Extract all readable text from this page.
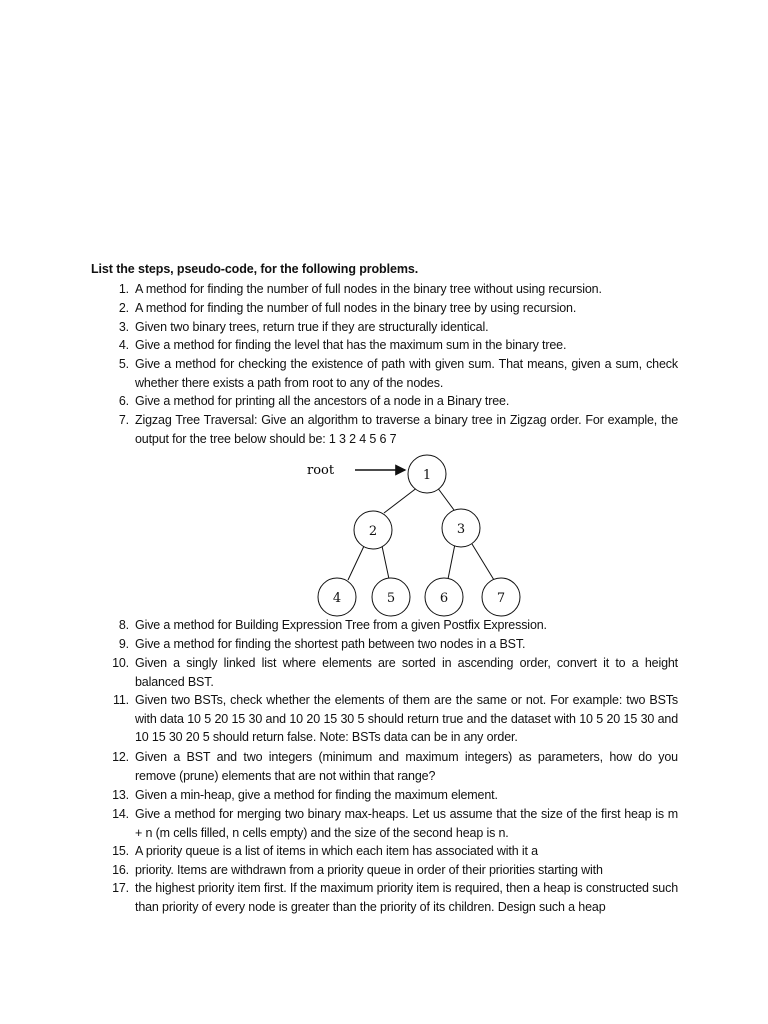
List the steps, pseudo-code, for the following problems.
1. A method for finding the number of full nodes in the binary tree without using recursion.
2. A method for finding the number of full nodes in the binary tree by using recursion.
3. Given two binary trees, return true if they are structurally identical.
4. Give a method for finding the level that has the maximum sum in the binary tree.
5. Give a method for checking the existence of path with given sum. That means, given a sum, check whether there exists a path from root to any of the nodes.
6. Give a method for printing all the ancestors of a node in a Binary tree.
7. Zigzag Tree Traversal: Give an algorithm to traverse a binary tree in Zigzag order. For example, the output for the tree below should be: 1 3 2 4 5 6 7
8. Give a method for Building Expression Tree from a given Postfix Expression.
9. Give a method for finding the shortest path between two nodes in a BST.
10. Given a singly linked list where elements are sorted in ascending order, convert it to a height balanced BST.
11. Given two BSTs, check whether the elements of them are the same or not. For example: two BSTs with data 10 5 20 15 30 and 10 20 15 30 5 should return true and the dataset with 10 5 20 15 30 and 10 15 30 20 5 should return false. Note: BSTs data can be in any order.
12. Given a BST and two integers (minimum and maximum integers) as parameters, how do you remove (prune) elements that are not within that range?
13. Given a min-heap, give a method for finding the maximum element.
14. Give a method for merging two binary max-heaps. Let us assume that the size of the first heap is m + n (m cells filled, n cells empty) and the size of the second heap is n.
15. A priority queue is a list of items in which each item has associated with it a
16. priority. Items are withdrawn from a priority queue in order of their priorities starting with
17. the highest priority item first. If the maximum priority item is required, then a heap is constructed such than priority of every node is greater than the priority of its children. Design such a heap
root	1
2	3
4	5	6	7
